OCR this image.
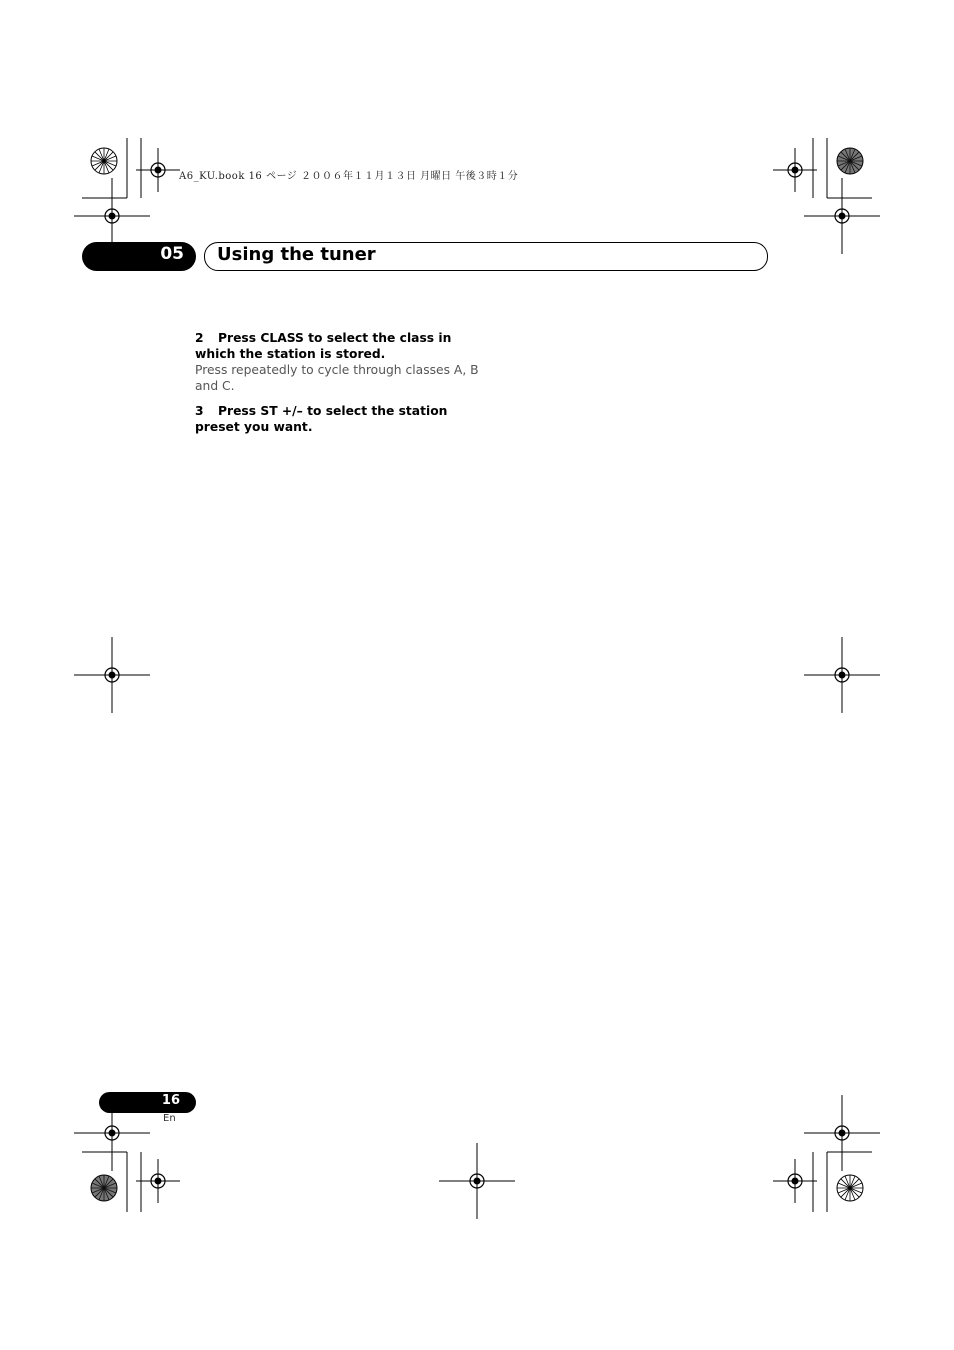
A6_KU.book 16 ページ ２００６年１１月１３日 月曜日 午後３時１分
05 Using the tuner
2 Press CLASS to select the class in which the station is stored.

Press repeatedly to cycle through classes A, B and C.

3 Press ST +/– to select the station preset you want.
16
En
